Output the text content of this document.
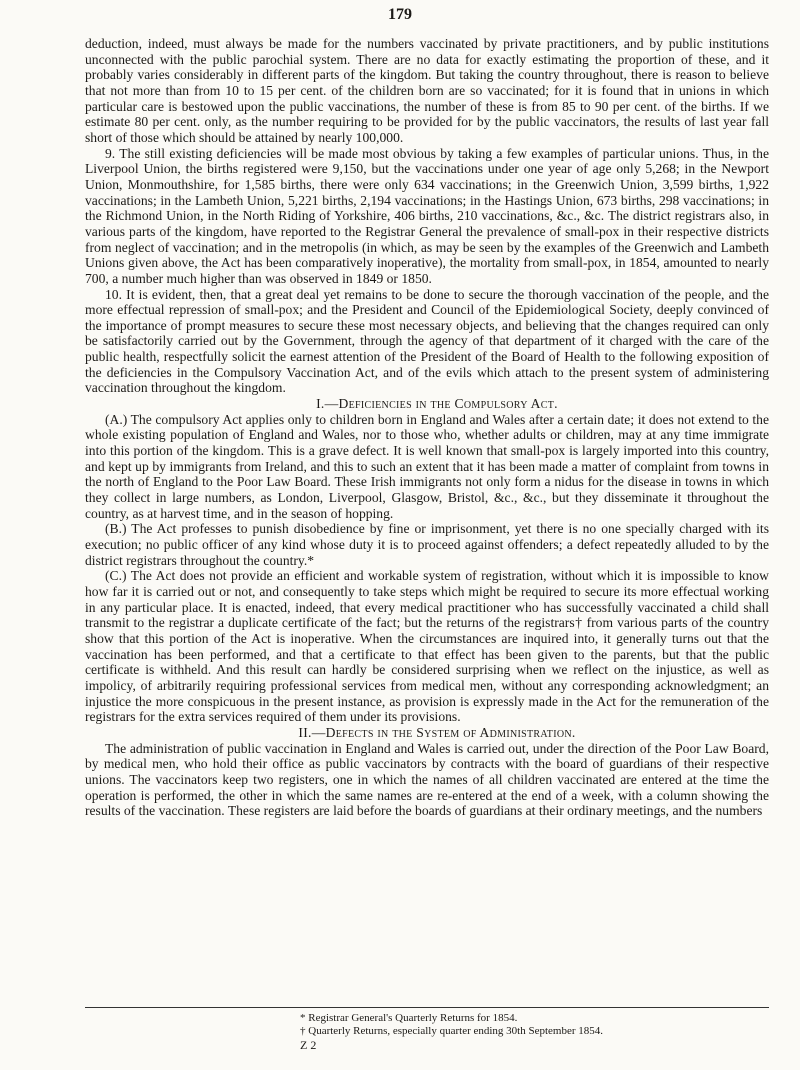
179

deduction, indeed, must always be made for the numbers vaccinated by private practitioners, and by public institutions unconnected with the public parochial system. There are no data for exactly estimating the proportion of these, and it probably varies considerably in different parts of the kingdom. But taking the country throughout, there is reason to believe that not more than from 10 to 15 per cent. of the children born are so vaccinated; for it is found that in unions in which particular care is bestowed upon the public vaccinations, the number of these is from 85 to 90 per cent. of the births. If we estimate 80 per cent. only, as the number requiring to be provided for by the public vaccinators, the results of last year fall short of those which should be attained by nearly 100,000.

9. The still existing deficiencies will be made most obvious by taking a few examples of particular unions. Thus, in the Liverpool Union, the births registered were 9,150, but the vaccinations under one year of age only 5,268; in the Newport Union, Monmouthshire, for 1,585 births, there were only 634 vaccinations; in the Greenwich Union, 3,599 births, 1,922 vaccinations; in the Lambeth Union, 5,221 births, 2,194 vaccinations; in the Hastings Union, 673 births, 298 vaccinations; in the Richmond Union, in the North Riding of Yorkshire, 406 births, 210 vaccinations, &c., &c. The district registrars also, in various parts of the kingdom, have reported to the Registrar General the prevalence of small-pox in their respective districts from neglect of vaccination; and in the metropolis (in which, as may be seen by the examples of the Greenwich and Lambeth Unions given above, the Act has been comparatively inoperative), the mortality from small-pox, in 1854, amounted to nearly 700, a number much higher than was observed in 1849 or 1850.

10. It is evident, then, that a great deal yet remains to be done to secure the thorough vaccination of the people, and the more effectual repression of small-pox; and the President and Council of the Epidemiological Society, deeply convinced of the importance of prompt measures to secure these most necessary objects, and believing that the changes required can only be satisfactorily carried out by the Government, through the agency of that department of it charged with the care of the public health, respectfully solicit the earnest attention of the President of the Board of Health to the following exposition of the deficiencies in the Compulsory Vaccination Act, and of the evils which attach to the present system of administering vaccination throughout the kingdom.

I.—Deficiencies in the Compulsory Act.

(A.) The compulsory Act applies only to children born in England and Wales after a certain date; it does not extend to the whole existing population of England and Wales, nor to those who, whether adults or children, may at any time immigrate into this portion of the kingdom. This is a grave defect. It is well known that small-pox is largely imported into this country, and kept up by immigrants from Ireland, and this to such an extent that it has been made a matter of complaint from towns in the north of England to the Poor Law Board. These Irish immigrants not only form a nidus for the disease in towns in which they collect in large numbers, as London, Liverpool, Glasgow, Bristol, &c., &c., but they disseminate it throughout the country, as at harvest time, and in the season of hopping.

(B.) The Act professes to punish disobedience by fine or imprisonment, yet there is no one specially charged with its execution; no public officer of any kind whose duty it is to proceed against offenders; a defect repeatedly alluded to by the district registrars throughout the country.*

(C.) The Act does not provide an efficient and workable system of registration, without which it is impossible to know how far it is carried out or not, and consequently to take steps which might be required to secure its more effectual working in any particular place. It is enacted, indeed, that every medical practitioner who has successfully vaccinated a child shall transmit to the registrar a duplicate certificate of the fact; but the returns of the registrars† from various parts of the country show that this portion of the Act is inoperative. When the circumstances are inquired into, it generally turns out that the vaccination has been performed, and that a certificate to that effect has been given to the parents, but that the public certificate is withheld. And this result can hardly be considered surprising when we reflect on the injustice, as well as impolicy, of arbitrarily requiring professional services from medical men, without any corresponding acknowledgment; an injustice the more conspicuous in the present instance, as provision is expressly made in the Act for the remuneration of the registrars for the extra services required of them under its provisions.

II.—Defects in the System of Administration.

The administration of public vaccination in England and Wales is carried out, under the direction of the Poor Law Board, by medical men, who hold their office as public vaccinators by contracts with the board of guardians of their respective unions. The vaccinators keep two registers, one in which the names of all children vaccinated are entered at the time the operation is performed, the other in which the same names are re-entered at the end of a week, with a column showing the results of the vaccination. These registers are laid before the boards of guardians at their ordinary meetings, and the numbers

* Registrar General's Quarterly Returns for 1854.
† Quarterly Returns, especially quarter ending 30th September 1854.
Z 2
